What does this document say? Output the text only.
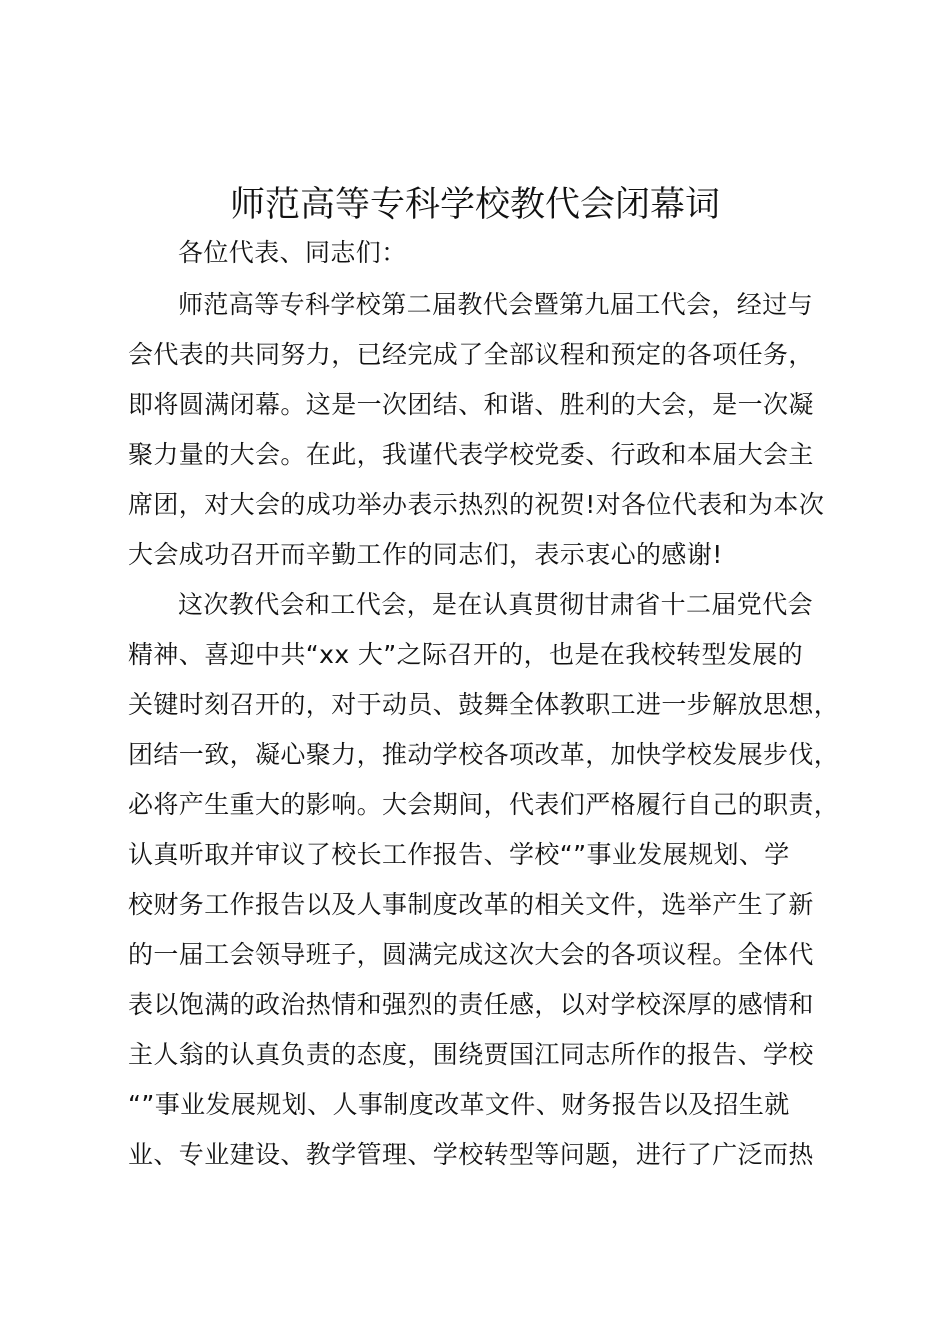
师范高等专科学校教代会闭幕词
各位代表、同志们：
师范高等专科学校第二届教代会暨第九届工代会，经过与
会代表的共同努力，已经完成了全部议程和预定的各项任务，
即将圆满闭幕。这是一次团结、和谐、胜利的大会，是一次凝
聚力量的大会。在此，我谨代表学校党委、行政和本届大会主
席团，对大会的成功举办表示热烈的祝贺!对各位代表和为本次
大会成功召开而辛勤工作的同志们，表示衷心的感谢!
这次教代会和工代会，是在认真贯彻甘肃省十二届党代会
精神、喜迎中共“xx 大”之际召开的，也是在我校转型发展的
关键时刻召开的，对于动员、鼓舞全体教职工进一步解放思想，
团结一致，凝心聚力，推动学校各项改革，加快学校发展步伐，
必将产生重大的影响。大会期间，代表们严格履行自己的职责，
认真听取并审议了校长工作报告、学校“”事业发展规划、学
校财务工作报告以及人事制度改革的相关文件，选举产生了新
的一届工会领导班子，圆满完成这次大会的各项议程。全体代
表以饱满的政治热情和强烈的责任感，以对学校深厚的感情和
主人翁的认真负责的态度，围绕贾国江同志所作的报告、学校
“”事业发展规划、人事制度改革文件、财务报告以及招生就
业、专业建设、教学管理、学校转型等问题，进行了广泛而热
